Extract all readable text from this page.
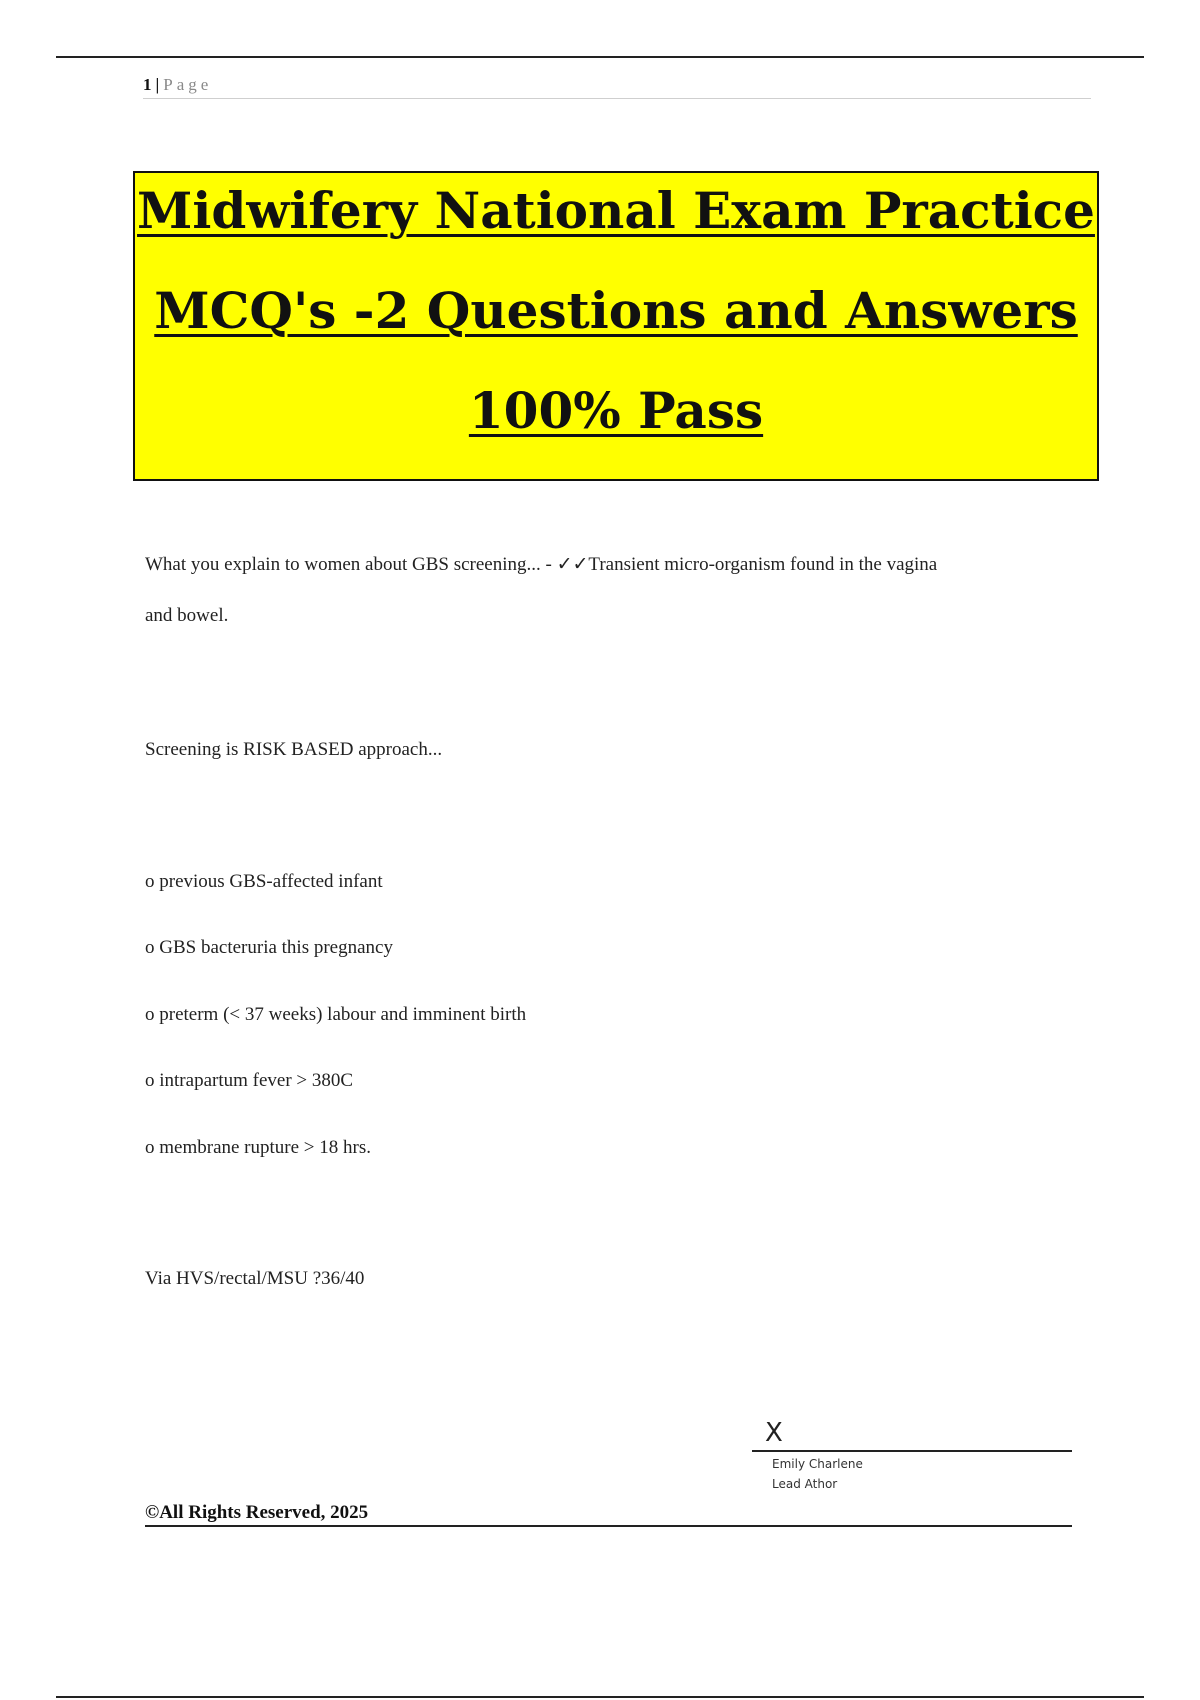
1 | Page
Midwifery National Exam Practice
MCQ's -2 Questions and Answers
100% Pass
What you explain to women about GBS screening... - ✓✓Transient micro-organism found in the vagina
and bowel.
Screening is RISK BASED approach...
o previous GBS-affected infant
o GBS bacteruria this pregnancy
o preterm (< 37 weeks) labour and imminent birth
o intrapartum fever > 380C
o membrane rupture > 18 hrs.
Via HVS/rectal/MSU ?36/40
X
Emily Charlene
Lead Athor
©All Rights Reserved, 2025
